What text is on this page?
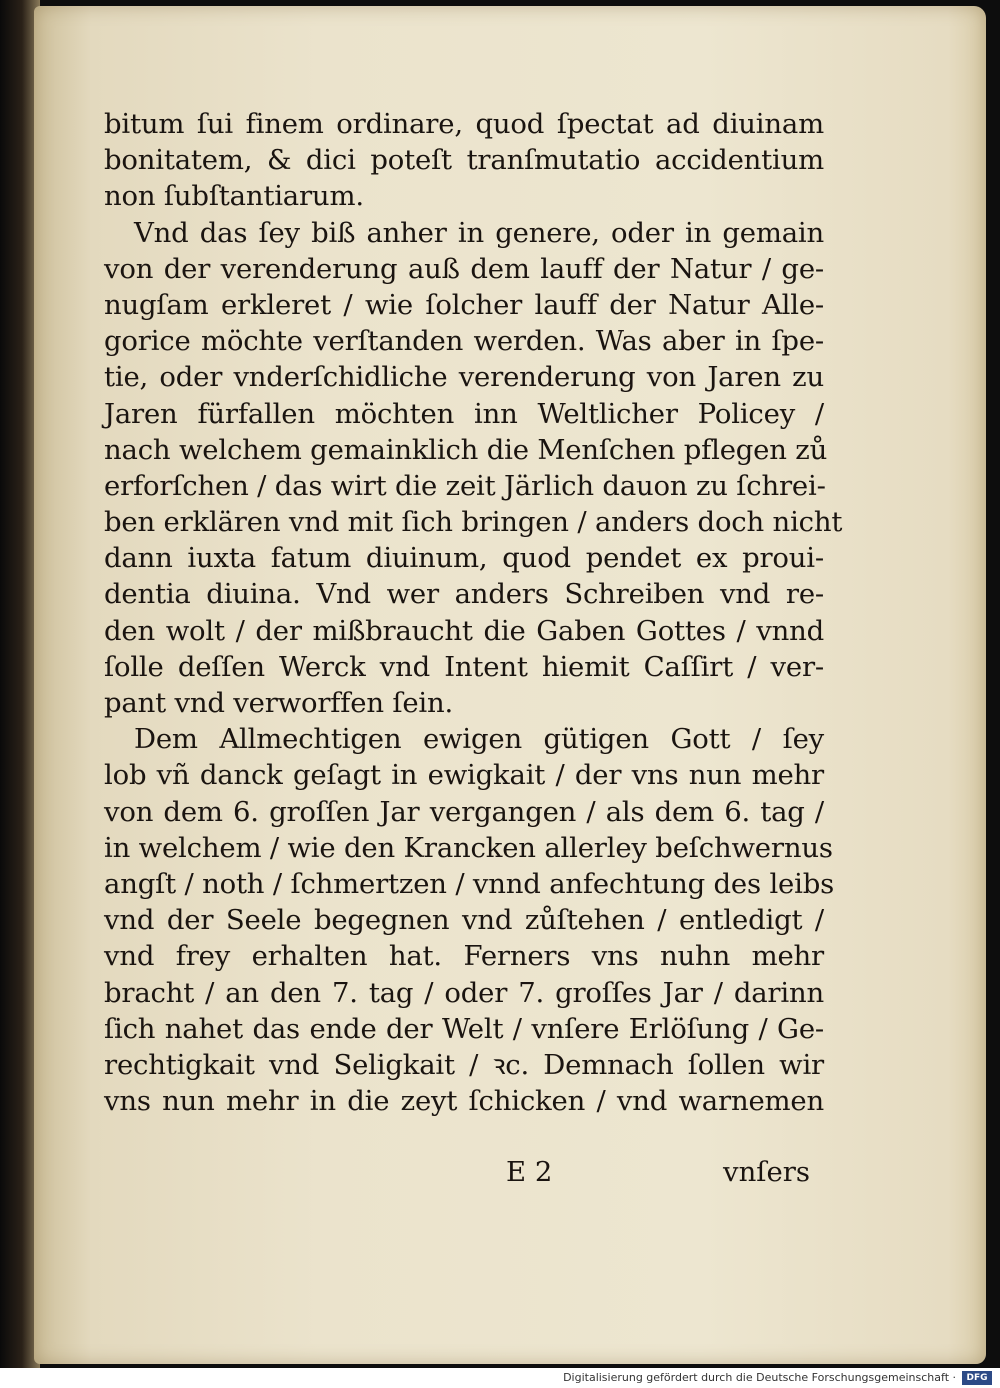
bitum ſui finem ordinare, quod ſpectat ad diuinam
bonitatem, & dici poteſt tranſmutatio accidentium
non ſubſtantiarum.
Vnd das ſey biß anher in genere, oder in gemain
von der verenderung auß dem lauff der Natur / ge-
nugſam erkleret / wie ſolcher lauff der Natur Alle-
gorice möchte verſtanden werden. Was aber in ſpe-
tie, oder vnderſchidliche verenderung von Jaren zu
Jaren fürfallen möchten inn Weltlicher Policey /
nach welchem gemainklich die Menſchen pflegen zů
erforſchen / das wirt die zeit Järlich dauon zu ſchrei-
ben erklären vnd mit ſich bringen / anders doch nicht
dann iuxta fatum diuinum, quod pendet ex proui-
dentia diuina. Vnd wer anders Schreiben vnd re-
den wolt / der mißbraucht die Gaben Gottes / vnnd
ſolle deſſen Werck vnd Intent hiemit Caſſirt / ver-
pant vnd verworffen ſein.
Dem Allmechtigen ewigen gütigen Gott / ſey
lob vñ danck geſagt in ewigkait / der vns nun mehr
von dem 6. groſſen Jar vergangen / als dem 6. tag /
in welchem / wie den Krancken allerley beſchwernus
angſt / noth / ſchmertzen / vnnd anfechtung des leibs
vnd der Seele begegnen vnd zůſtehen / entledigt /
vnd frey erhalten hat. Ferners vns nuhn mehr
bracht / an den 7. tag / oder 7. groſſes Jar / darinn
ſich nahet das ende der Welt / vnſere Erlöſung / Ge-
rechtigkait vnd Seligkait / ꝛc. Demnach ſollen wir
vns nun mehr in die zeyt ſchicken / vnd warnemen
E 2	vnſers
Digitalisierung gefördert durch die Deutsche Forschungsgemeinschaft ·	DFG
